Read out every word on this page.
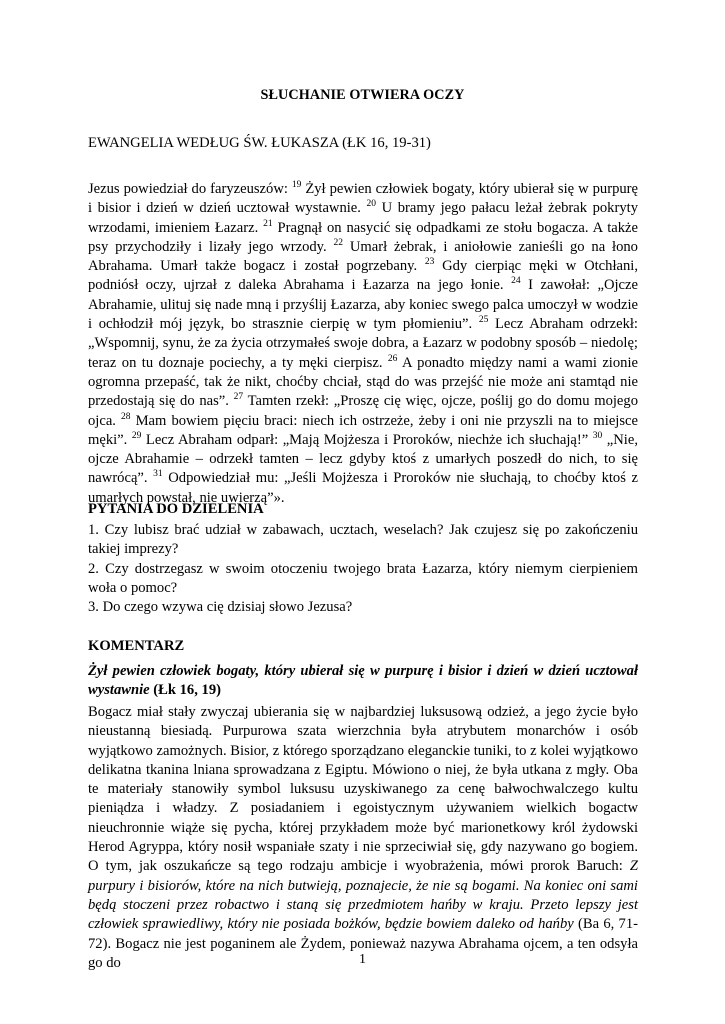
SŁUCHANIE OTWIERA OCZY
EWANGELIA WEDŁUG ŚW. ŁUKASZA (ŁK 16, 19-31)
Jezus powiedział do faryzeuszów: $^{19}$ Żył pewien człowiek bogaty, który ubierał się w purpurę i bisior i dzień w dzień ucztował wystawnie. $^{20}$ U bramy jego pałacu leżał żebrak pokryty wrzodami, imieniem Łazarz. $^{21}$ Pragnął on nasycić się odpadkami ze stołu bogacza. A także psy przychodziły i lizały jego wrzody. $^{22}$ Umarł żebrak, i aniołowie zanieśli go na łono Abrahama. Umarł także bogacz i został pogrzebany. $^{23}$ Gdy cierpiąc męki w Otchłani, podniósł oczy, ujrzał z daleka Abrahama i Łazarza na jego łonie. $^{24}$ I zawołał: „Ojcze Abrahamie, ulituj się nade mną i przyślij Łazarza, aby koniec swego palca umoczył w wodzie i ochłodził mój język, bo strasznie cierpię w tym płomieniu”. $^{25}$ Lecz Abraham odrzekł: „Wspomnij, synu, że za życia otrzymałeś swoje dobra, a Łazarz w podobny sposób – niedolę; teraz on tu doznaje pociechy, a ty męki cierpisz. $^{26}$ A ponadto między nami a wami zionie ogromna przepaść, tak że nikt, choćby chciał, stąd do was przejść nie może ani stamtąd nie przedostają się do nas”. $^{27}$ Tamten rzekł: „Proszę cię więc, ojcze, poślij go do domu mojego ojca. $^{28}$ Mam bowiem pięciu braci: niech ich ostrzeże, żeby i oni nie przyszli na to miejsce męki”. $^{29}$ Lecz Abraham odparł: „Mają Mojżesza i Proroków, niechże ich słuchają!” $^{30}$ „Nie, ojcze Abrahamie – odrzekł tamten – lecz gdyby ktoś z umarłych poszedł do nich, to się nawrócą”. $^{31}$ Odpowiedział mu: „Jeśli Mojżesza i Proroków nie słuchają, to choćby ktoś z umarłych powstał, nie uwierzą”».
PYTANIA DO DZIELENIA

1. Czy lubisz brać udział w zabawach, ucztach, weselach? Jak czujesz się po zakończeniu takiej imprezy?

2. Czy dostrzegasz w swoim otoczeniu twojego brata Łazarza, który niemym cierpieniem woła o pomoc?

3. Do czego wzywa cię dzisiaj słowo Jezusa?

KOMENTARZ
Żył pewien człowiek bogaty, który ubierał się w purpurę i bisior i dzień w dzień ucztował wystawnie (Łk 16, 19)
Bogacz miał stały zwyczaj ubierania się w najbardziej luksusową odzież, a jego życie było nieustanną biesiadą. Purpurowa szata wierzchnia była atrybutem monarchów i osób wyjątkowo zamożnych. Bisior, z którego sporządzano eleganckie tuniki, to z kolei wyjątkowo delikatna tkanina lniana sprowadzana z Egiptu. Mówiono o niej, że była utkana z mgły. Oba te materiały stanowiły symbol luksusu uzyskiwanego za cenę bałwochwalczego kultu pieniądza i władzy. Z posiadaniem i egoistycznym używaniem wielkich bogactw nieuchronnie wiąże się pycha, której przykładem może być marionetkowy król żydowski Herod Agryppa, który nosił wspaniałe szaty i nie sprzeciwiał się, gdy nazywano go bogiem. O tym, jak oszukańcze są tego rodzaju ambicje i wyobrażenia, mówi prorok Baruch: Z purpury i bisiorów, które na nich butwieją, poznajecie, że nie są bogami. Na koniec oni sami będą stoczeni przez robactwo i staną się przedmiotem hańby w kraju. Przeto lepszy jest człowiek sprawiedliwy, który nie posiada bożków, będzie bowiem daleko od hańby (Ba 6, 71-72). Bogacz nie jest poganinem ale Żydem, ponieważ nazywa Abrahama ojcem, a ten odsyła go do	1
